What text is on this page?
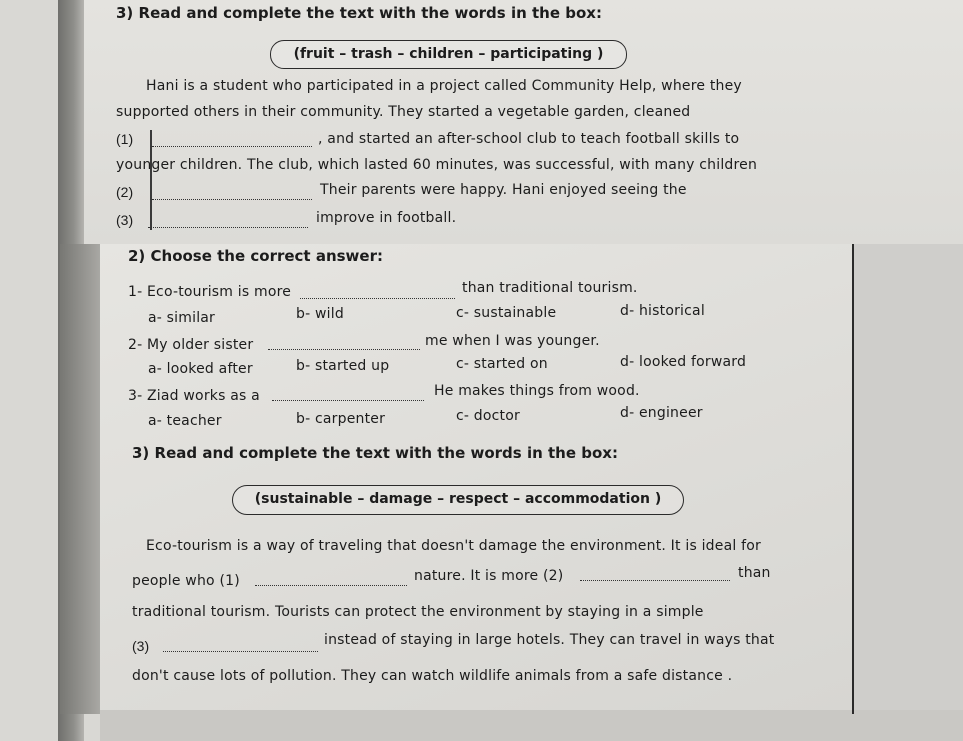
3) Read and complete the text with the words in the box:
(fruit – trash – children – participating )
Hani is a student who participated in a project called Community Help, where they
supported others in their community. They started a vegetable garden, cleaned
(1)	, and started an after-school club to teach football skills to
younger children. The club, which lasted 60 minutes, was successful, with many children
(2)	Their parents were happy. Hani enjoyed seeing the
(3)	improve in football.
2) Choose the correct answer:
1- Eco-tourism is more	than traditional tourism.
a- similar	b- wild	c- sustainable	d- historical
2- My older sister	me when I was younger.
a- looked after	b- started up	c- started on	d- looked forward
3- Ziad works as a	He makes things from wood.
a- teacher	b- carpenter	c- doctor	d- engineer
3) Read and complete the text with the words in the box:
(sustainable – damage – respect – accommodation )
Eco-tourism is a way of traveling that doesn't damage the environment. It is ideal for
people who (1)	nature. It is more (2)	than
traditional tourism. Tourists can protect the environment by staying in a simple
(3)	instead of staying in large hotels. They can travel in ways that
don't cause lots of pollution. They can watch wildlife animals from a safe distance .
